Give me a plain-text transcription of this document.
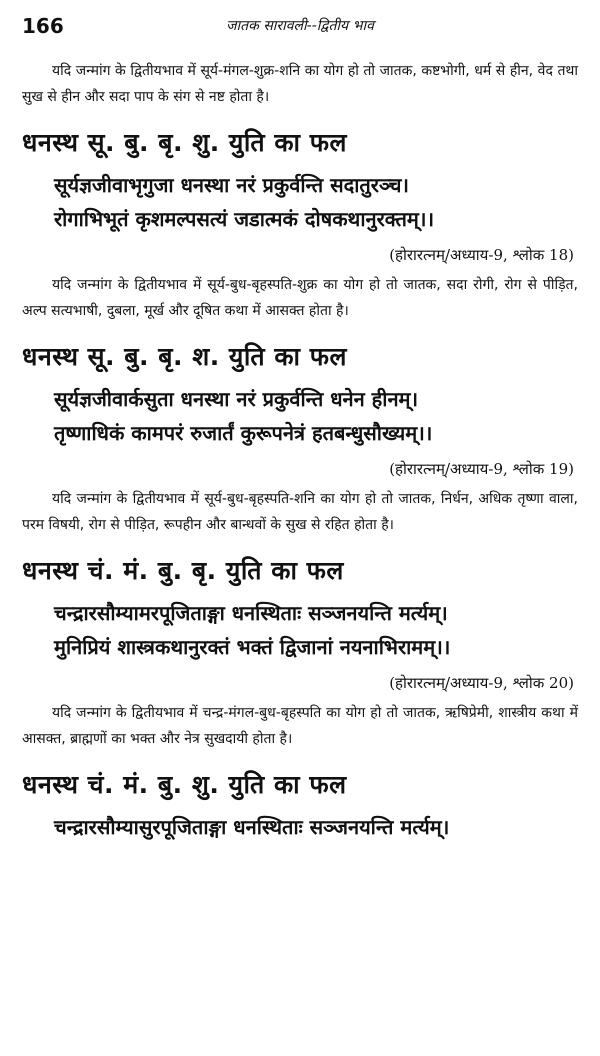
166	जातक सारावली--द्वितीय भाव

यदि जन्मांग के द्वितीयभाव में सूर्य-मंगल-शुक्र-शनि का योग हो तो जातक, कष्टभोगी, धर्म से हीन, वेद तथा सुख से हीन और सदा पाप के संग से नष्ट होता है।

धनस्थ सू. बु. बृ. शु. युति का फल
सूर्यज्ञजीवाभृगुजा धनस्था नरं प्रकुर्वन्ति सदातुरञ्च।
रोगाभिभूतं कृशमल्पसत्यं जडात्मकं दोषकथानुरक्तम्।।
(होरारत्नम्/अध्याय-9, श्लोक 18)

यदि जन्मांग के द्वितीयभाव में सूर्य-बुध-बृहस्पति-शुक्र का योग हो तो जातक, सदा रोगी, रोग से पीड़ित, अल्प सत्यभाषी, दुबला, मूर्ख और दूषित कथा में आसक्त होता है।

धनस्थ सू. बु. बृ. श. युति का फल
सूर्यज्ञजीवार्कसुता धनस्था नरं प्रकुर्वन्ति धनेन हीनम्।
तृष्णाधिकं कामपरं रुजार्तं कुरूपनेत्रं हतबन्धुसौख्यम्।।
(होरारत्नम्/अध्याय-9, श्लोक 19)

यदि जन्मांग के द्वितीयभाव में सूर्य-बुध-बृहस्पति-शनि का योग हो तो जातक, निर्धन, अधिक तृष्णा वाला, परम विषयी, रोग से पीड़ित, रूपहीन और बान्धवों के सुख से रहित होता है।

धनस्थ चं. मं. बु. बृ. युति का फल
चन्द्रारसौम्यामरपूजिताङ्गा धनस्थिताः सञ्जनयन्ति मर्त्यम्।
मुनिप्रियं शास्त्रकथानुरक्तं भक्तं द्विजानां नयनाभिरामम्।।
(होरारत्नम्/अध्याय-9, श्लोक 20)

यदि जन्मांग के द्वितीयभाव में चन्द्र-मंगल-बुध-बृहस्पति का योग हो तो जातक, ऋषिप्रेमी, शास्त्रीय कथा में आसक्त, ब्राह्मणों का भक्त और नेत्र सुखदायी होता है।

धनस्थ चं. मं. बु. शु. युति का फल
चन्द्रारसौम्यासुरपूजिताङ्गा धनस्थिताः सञ्जनयन्ति मर्त्यम्।
